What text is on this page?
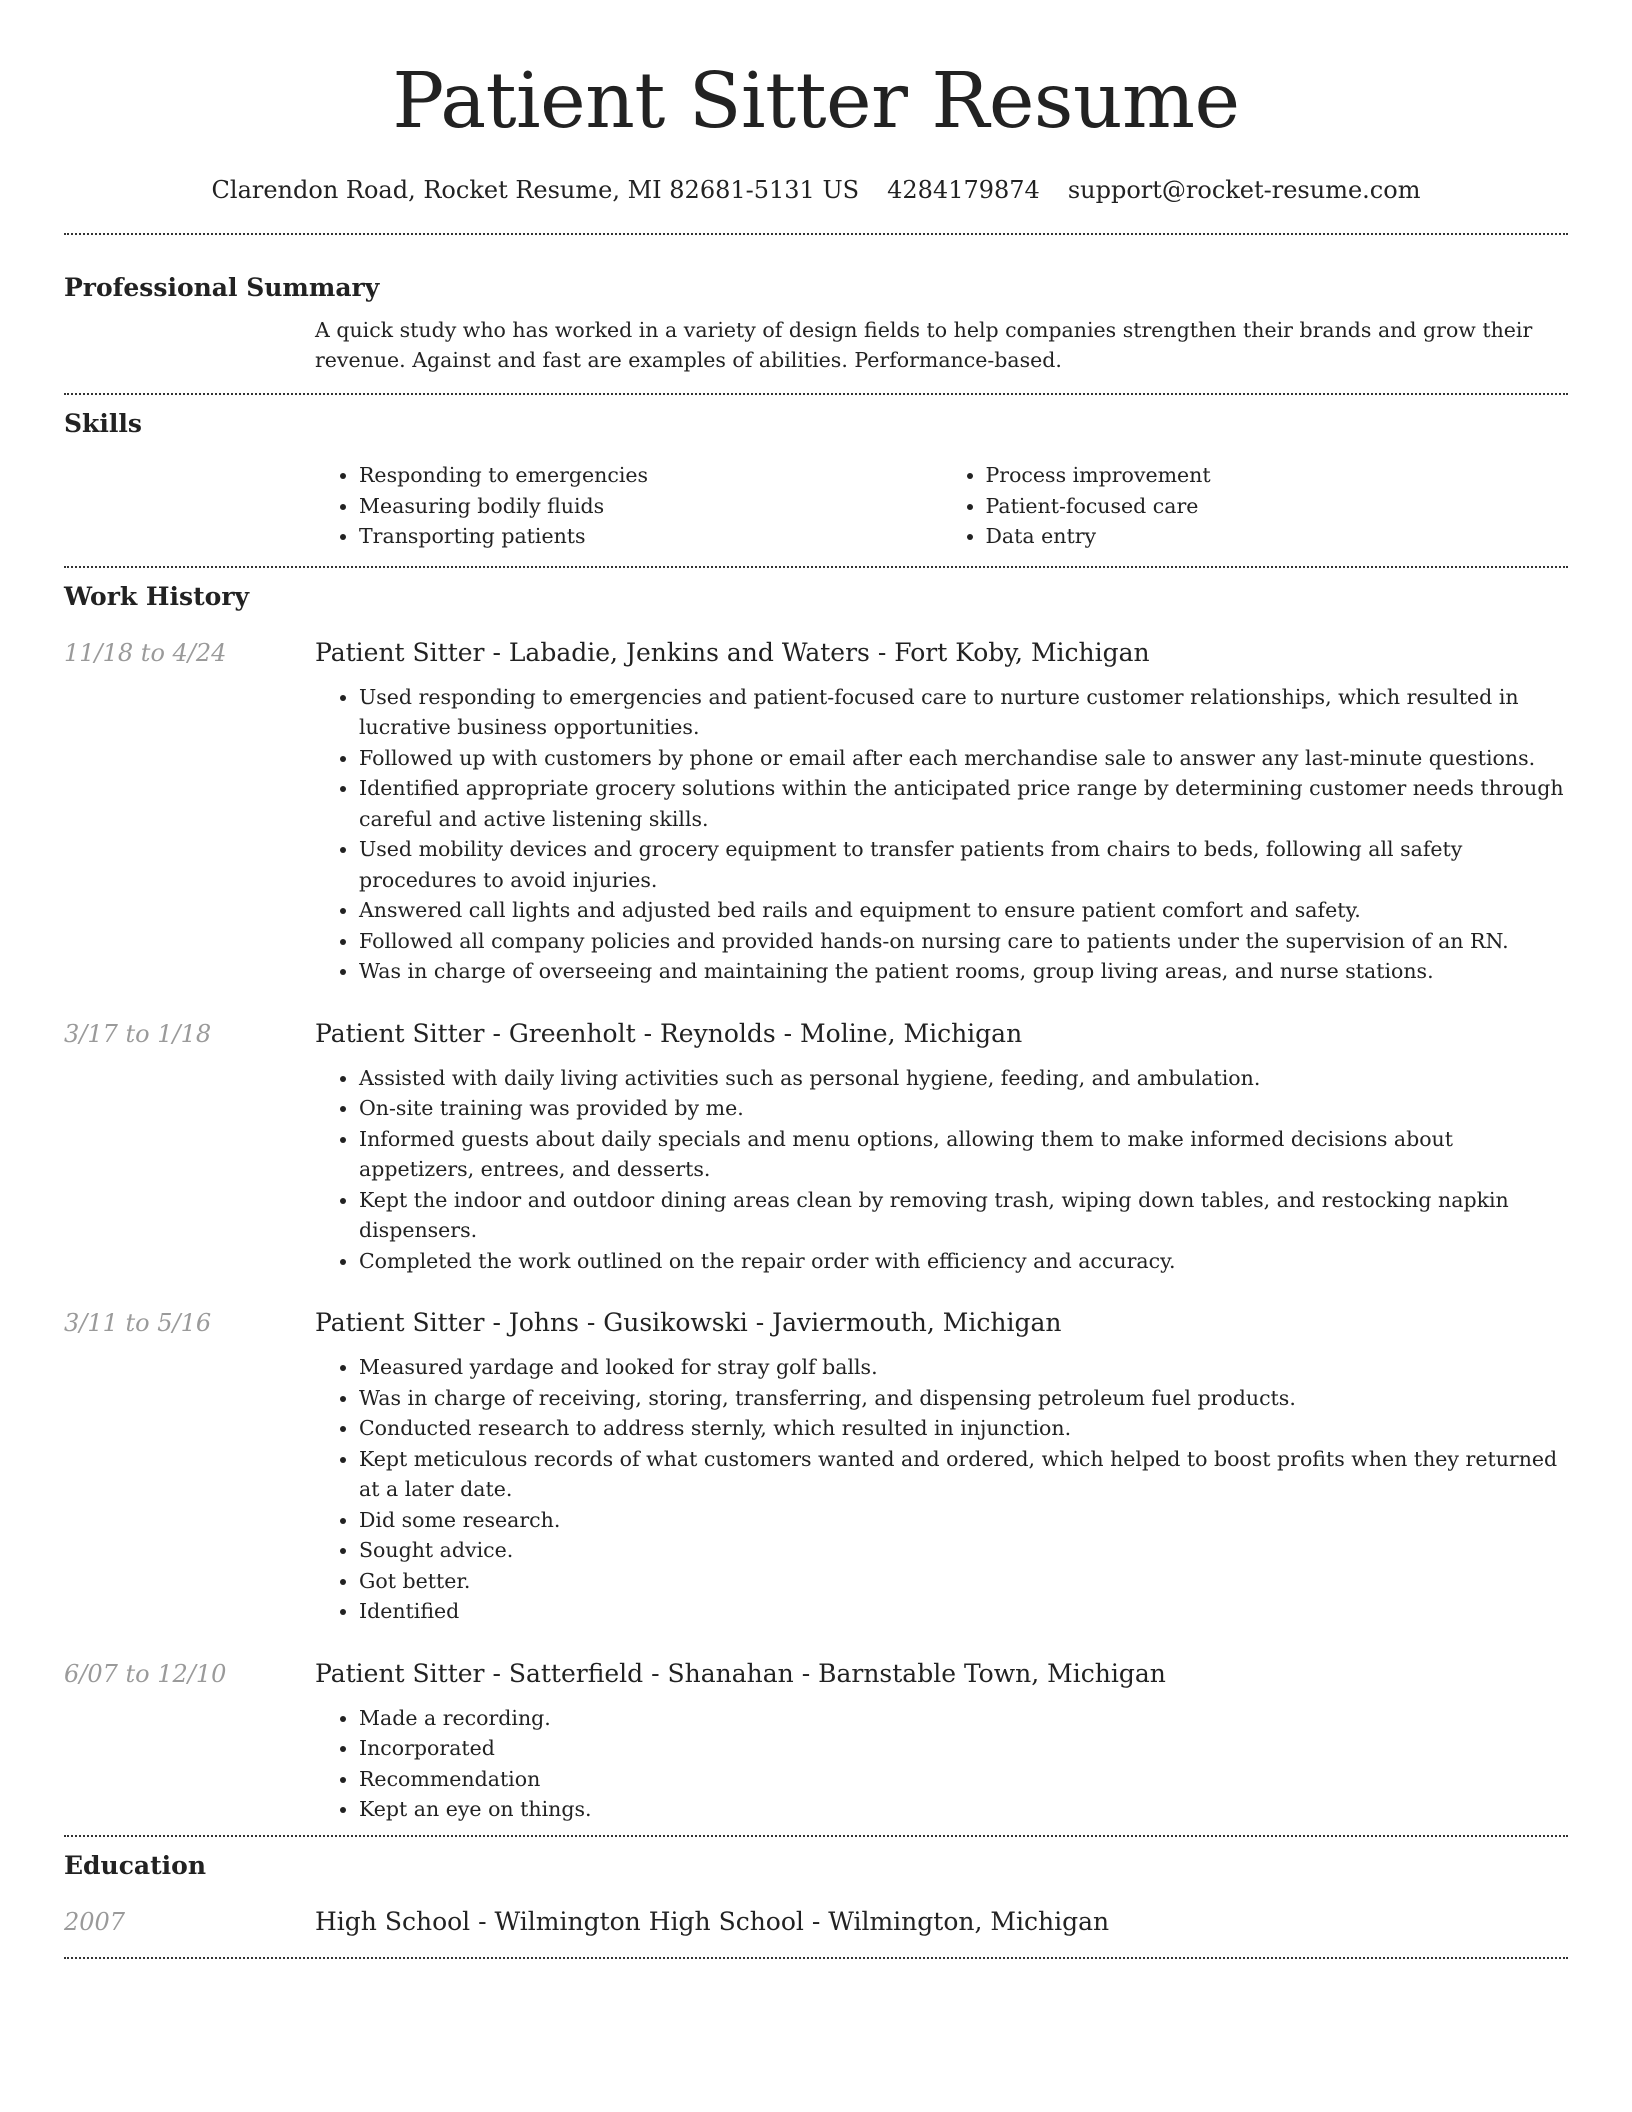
Patient Sitter Resume
Clarendon Road, Rocket Resume, MI 82681-5131 US 4284179874 support@rocket-resume.com
Professional Summary

A quick study who has worked in a variety of design fields to help companies strengthen their brands and grow their revenue. Against and fast are examples of abilities. Performance-based.

Skills
• Responding to emergencies
• Measuring bodily fluids
• Transporting patients
• Process improvement
• Patient-focused care
• Data entry
Work History
11/18 to 4/24	Patient Sitter - Labadie, Jenkins and Waters - Fort Koby, Michigan
• Used responding to emergencies and patient-focused care to nurture customer relationships, which resulted in lucrative business opportunities.
• Followed up with customers by phone or email after each merchandise sale to answer any last-minute questions.
• Identified appropriate grocery solutions within the anticipated price range by determining customer needs through careful and active listening skills.
• Used mobility devices and grocery equipment to transfer patients from chairs to beds, following all safety procedures to avoid injuries.
• Answered call lights and adjusted bed rails and equipment to ensure patient comfort and safety.
• Followed all company policies and provided hands-on nursing care to patients under the supervision of an RN.
• Was in charge of overseeing and maintaining the patient rooms, group living areas, and nurse stations.
3/17 to 1/18	Patient Sitter - Greenholt - Reynolds - Moline, Michigan
• Assisted with daily living activities such as personal hygiene, feeding, and ambulation.
• On-site training was provided by me.
• Informed guests about daily specials and menu options, allowing them to make informed decisions about appetizers, entrees, and desserts.
• Kept the indoor and outdoor dining areas clean by removing trash, wiping down tables, and restocking napkin dispensers.
• Completed the work outlined on the repair order with efficiency and accuracy.
3/11 to 5/16	Patient Sitter - Johns - Gusikowski - Javiermouth, Michigan
• Measured yardage and looked for stray golf balls.
• Was in charge of receiving, storing, transferring, and dispensing petroleum fuel products.
• Conducted research to address sternly, which resulted in injunction.
• Kept meticulous records of what customers wanted and ordered, which helped to boost profits when they returned at a later date.
• Did some research.
• Sought advice.
• Got better.
• Identified
6/07 to 12/10	Patient Sitter - Satterfield - Shanahan - Barnstable Town, Michigan
• Made a recording.
• Incorporated
• Recommendation
• Kept an eye on things.
Education
2007	High School - Wilmington High School - Wilmington, Michigan
